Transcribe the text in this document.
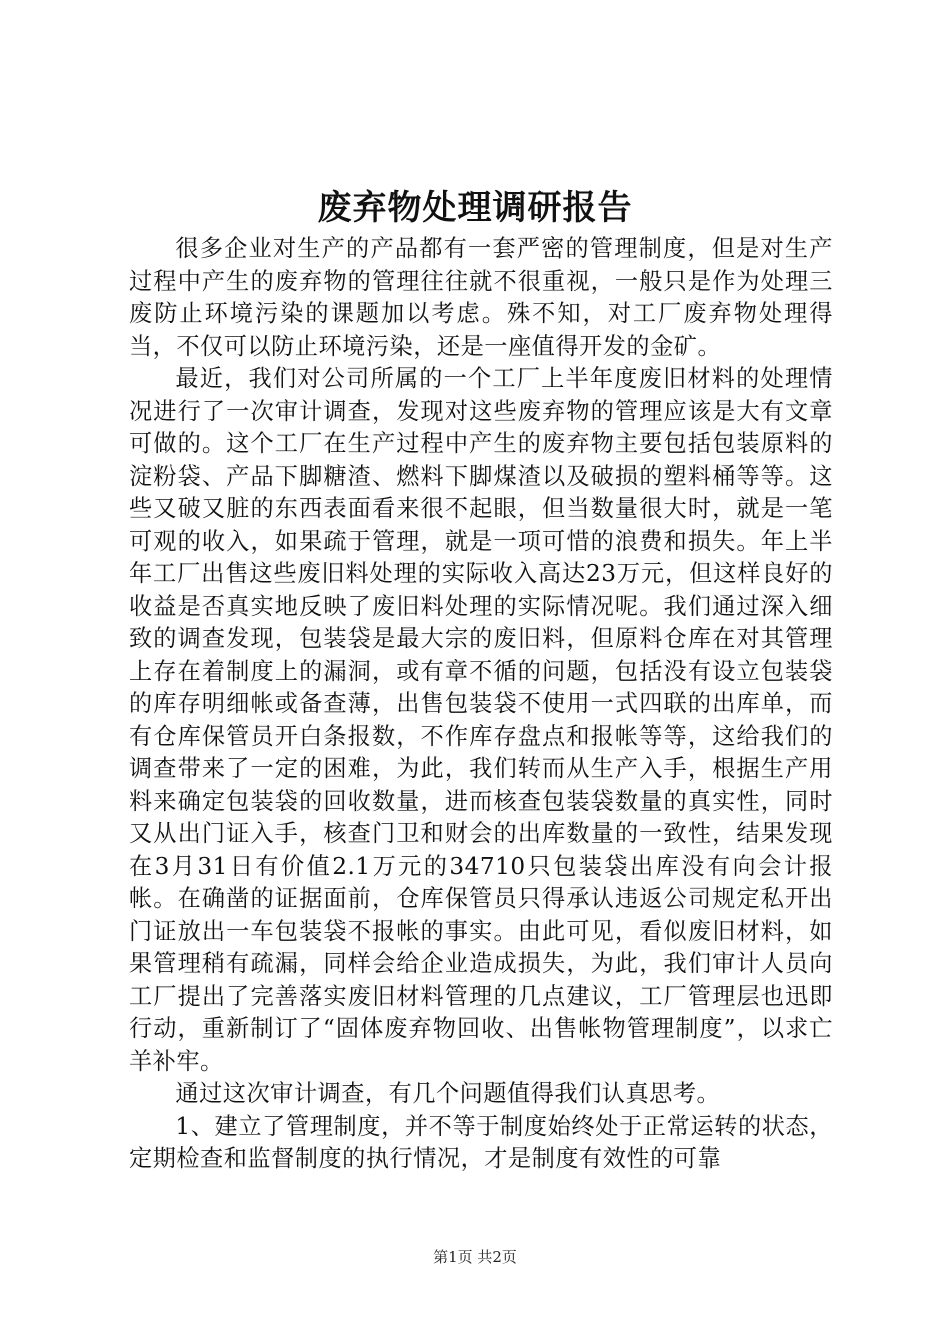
废弃物处理调研报告

很多企业对生产的产品都有一套严密的管理制度，但是对生产过程中产生的废弃物的管理往往就不很重视，一般只是作为处理三废防止环境污染的课题加以考虑。殊不知，对工厂废弃物处理得当，不仅可以防止环境污染，还是一座值得开发的金矿。

最近，我们对公司所属的一个工厂上半年度废旧材料的处理情况进行了一次审计调查，发现对这些废弃物的管理应该是大有文章可做的。这个工厂在生产过程中产生的废弃物主要包括包装原料的淀粉袋、产品下脚糖渣、燃料下脚煤渣以及破损的塑料桶等等。这些又破又脏的东西表面看来很不起眼，但当数量很大时，就是一笔可观的收入，如果疏于管理，就是一项可惜的浪费和损失。年上半年工厂出售这些废旧料处理的实际收入高达23万元，但这样良好的收益是否真实地反映了废旧料处理的实际情况呢。我们通过深入细致的调查发现，包装袋是最大宗的废旧料，但原料仓库在对其管理上存在着制度上的漏洞，或有章不循的问题，包括没有设立包装袋的库存明细帐或备查薄，出售包装袋不使用一式四联的出库单，而有仓库保管员开白条报数，不作库存盘点和报帐等等，这给我们的调查带来了一定的困难，为此，我们转而从生产入手，根据生产用料来确定包装袋的回收数量，进而核查包装袋数量的真实性，同时又从出门证入手，核查门卫和财会的出库数量的一致性，结果发现在3月31日有价值2.1万元的34710只包装袋出库没有向会计报帐。在确凿的证据面前，仓库保管员只得承认违返公司规定私开出门证放出一车包装袋不报帐的事实。由此可见，看似废旧材料，如果管理稍有疏漏，同样会给企业造成损失，为此，我们审计人员向工厂提出了完善落实废旧材料管理的几点建议，工厂管理层也迅即行动，重新制订了“固体废弃物回收、出售帐物管理制度”，以求亡羊补牢。

通过这次审计调查，有几个问题值得我们认真思考。

1、建立了管理制度，并不等于制度始终处于正常运转的状态，定期检查和监督制度的执行情况，才是制度有效性的可靠

第1页 共2页
